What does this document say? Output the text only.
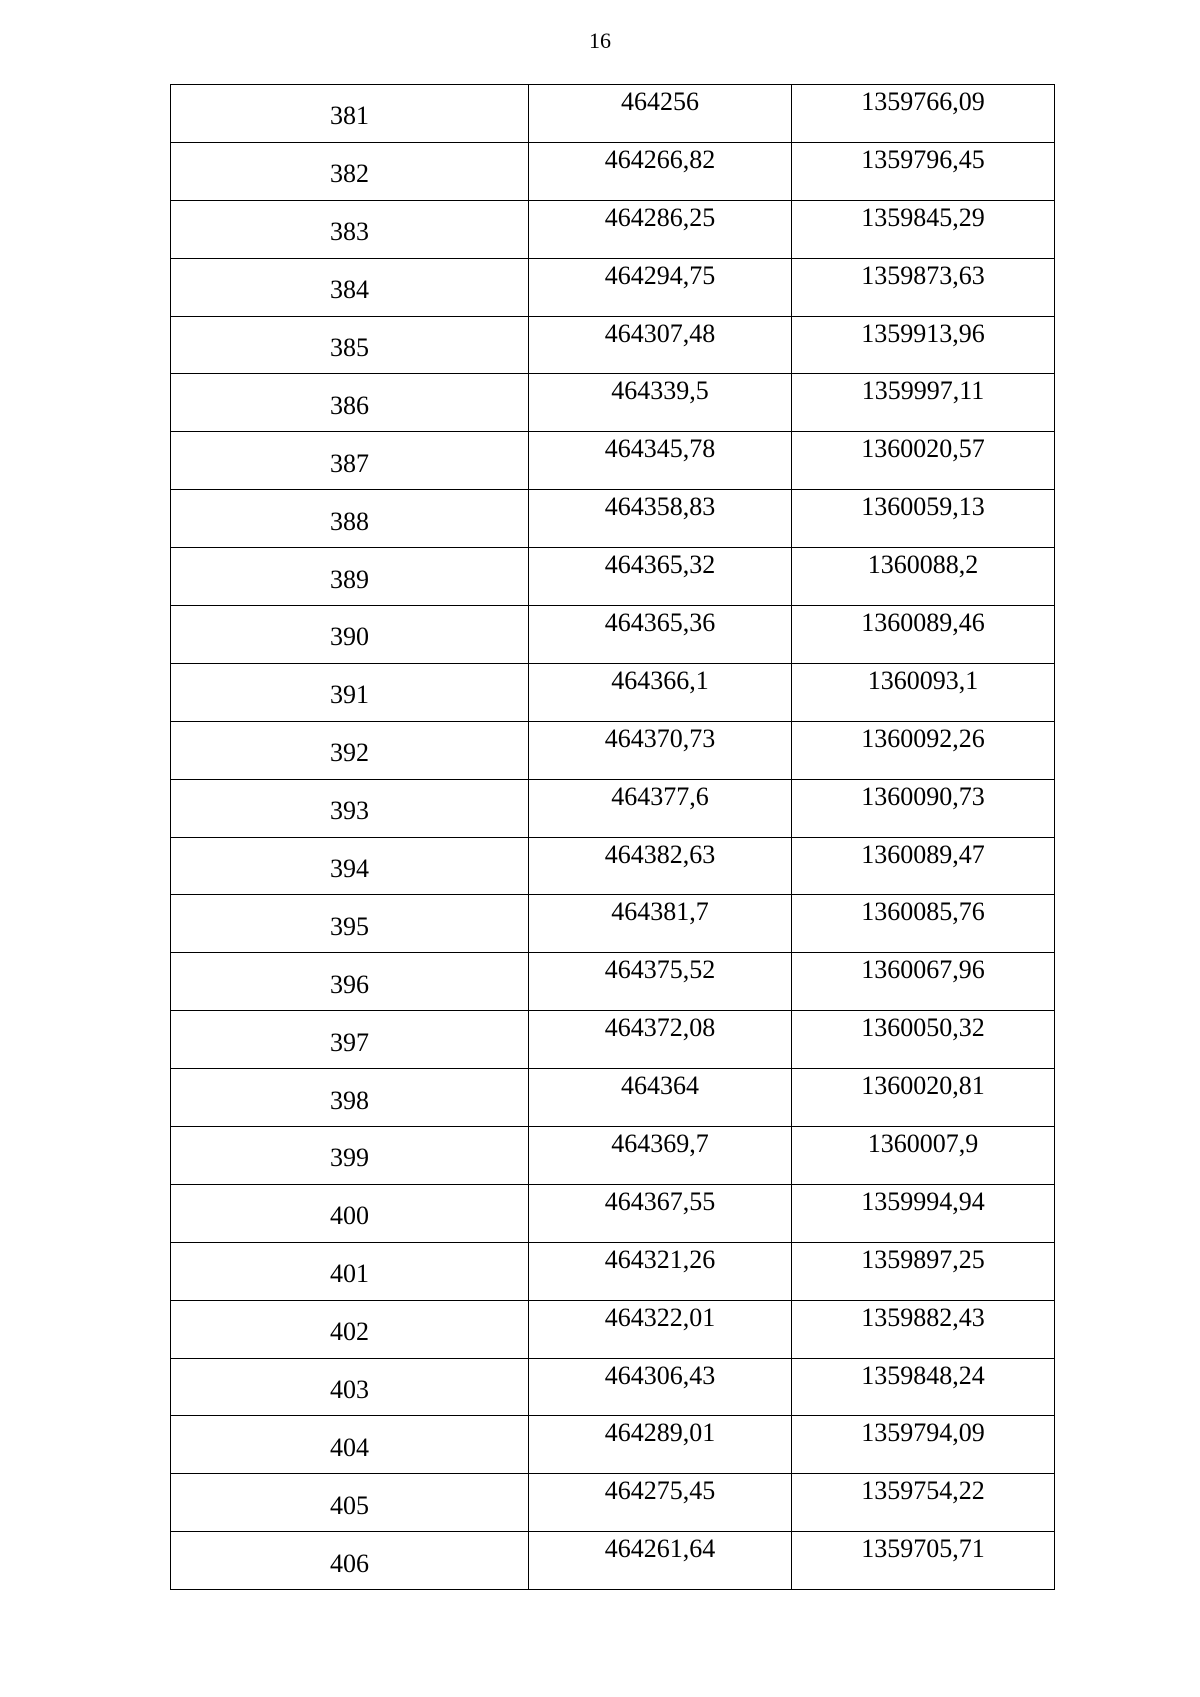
16
381	464256	1359766,09
382	464266,82	1359796,45
383	464286,25	1359845,29
384	464294,75	1359873,63
385	464307,48	1359913,96
386	464339,5	1359997,11
387	464345,78	1360020,57
388	464358,83	1360059,13
389	464365,32	1360088,2
390	464365,36	1360089,46
391	464366,1	1360093,1
392	464370,73	1360092,26
393	464377,6	1360090,73
394	464382,63	1360089,47
395	464381,7	1360085,76
396	464375,52	1360067,96
397	464372,08	1360050,32
398	464364	1360020,81
399	464369,7	1360007,9
400	464367,55	1359994,94
401	464321,26	1359897,25
402	464322,01	1359882,43
403	464306,43	1359848,24
404	464289,01	1359794,09
405	464275,45	1359754,22
406	464261,64	1359705,71
